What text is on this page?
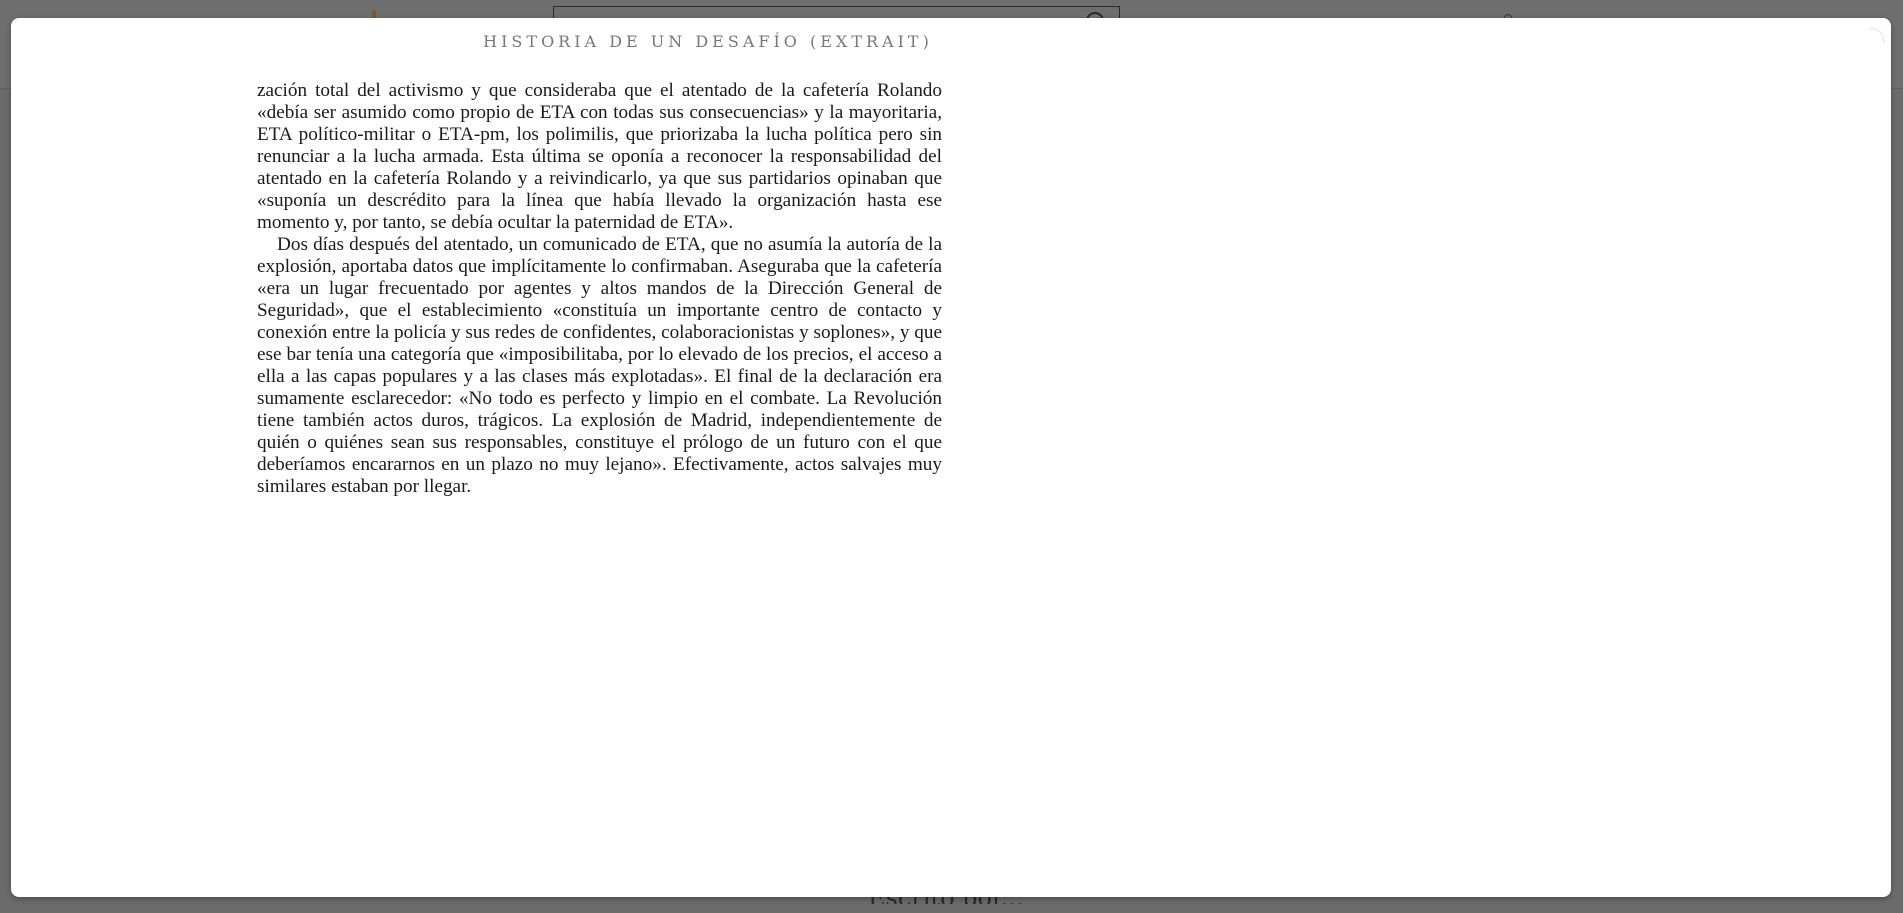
HISTORIA DE UN DESAFÍO (EXTRAIT)

zación total del activismo y que consideraba que el atentado de la cafetería Rolando «debía ser asumido como propio de ETA con todas sus consecuencias» y la mayoritaria, ETA político-militar o ETA-pm, los polimilis, que priorizaba la lucha política pero sin renunciar a la lucha armada. Esta última se oponía a reconocer la responsabilidad del atentado en la cafetería Rolando y a reivindicarlo, ya que sus partidarios opinaban que «suponía un descrédito para la línea que había llevado la organización hasta ese momento y, por tanto, se debía ocultar la paternidad de ETA».

Dos días después del atentado, un comunicado de ETA, que no asumía la autoría de la explosión, aportaba datos que implícitamente lo confirmaban. Aseguraba que la cafetería «era un lugar frecuentado por agentes y altos mandos de la Dirección General de Seguridad», que el establecimiento «constituía un importante centro de contacto y conexión entre la policía y sus redes de confidentes, colaboracionistas y soplones», y que ese bar tenía una categoría que «imposibilitaba, por lo elevado de los precios, el acceso a ella a las capas populares y a las clases más explotadas». El final de la declaración era sumamente esclarecedor: «No todo es perfecto y limpio en el combate. La Revolución tiene también actos duros, trágicos. La explosión de Madrid, independientemente de quién o quiénes sean sus responsables, constituye el prólogo de un futuro con el que deberíamos encararnos en un plazo no muy lejano». Efectivamente, actos salvajes muy similares estaban por llegar.
